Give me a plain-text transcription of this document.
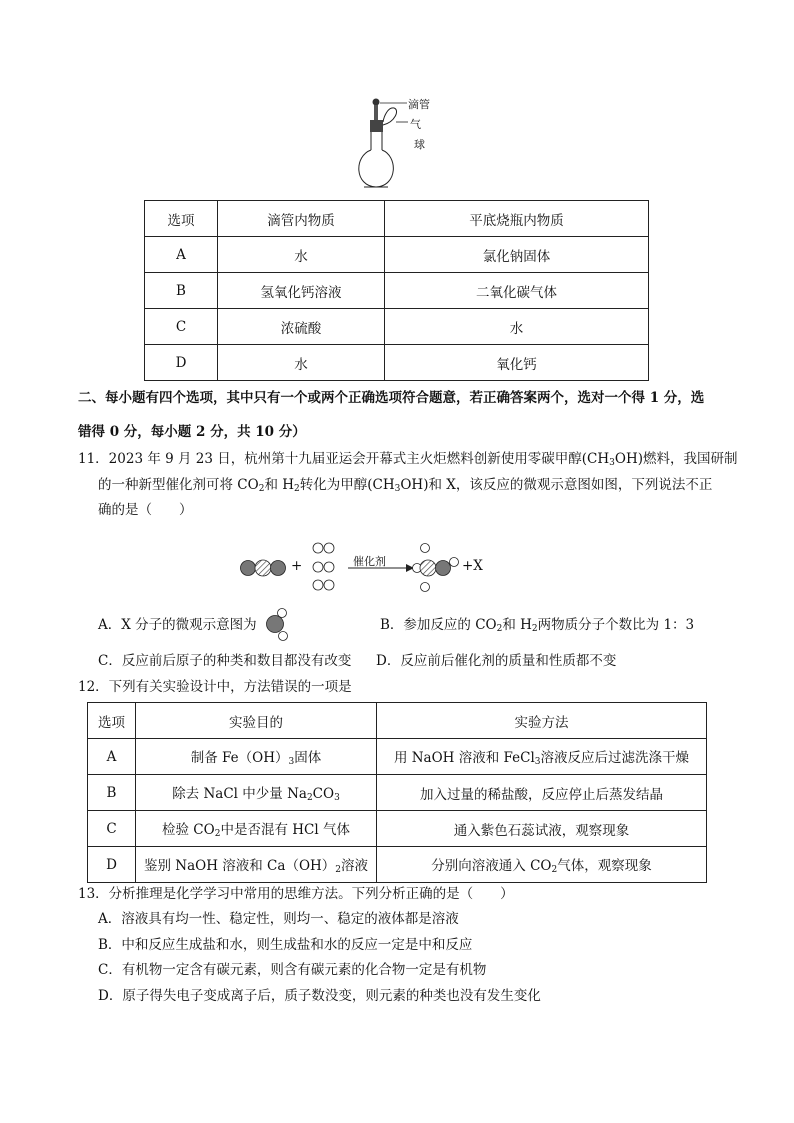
滴管
气
球
选项	滴管内物质	平底烧瓶内物质
A	水	氯化钠固体
B	氢氧化钙溶液	二氧化碳气体
C	浓硫酸	水
D	水	氧化钙
二、每小题有四个选项，其中只有一个或两个正确选项符合题意，若正确答案两个，选对一个得 1 分，选
错得 0 分，每小题 2 分，共 10 分）
11．2023 年 9 月 23 日，杭州第十九届亚运会开幕式主火炬燃料创新使用零碳甲醇$(CH_3OH)$燃料，我国研制
的一种新型催化剂可将 $CO_2$和 $H_2$转化为甲醇$(CH_3OH)$和 X，该反应的微观示意图如图，下列说法不正
确的是（　　）
+	催化剂	+X
A．X 分子的微观示意图为	B．参加反应的 $CO_2$和 $H_2$两物质分子个数比为 1：3
C．反应前后原子的种类和数目都没有改变 D．反应前后催化剂的质量和性质都不变
12．下列有关实验设计中，方法错误的一项是
选项	实验目的	实验方法
A	制备 $Fe(OH)_3$固体	用 NaOH 溶液和 FeCl$_3$溶液反应后过滤洗涤干燥
B	除去 NaCl 中少量 $Na_2CO_3$	加入过量的稀盐酸，反应停止后蒸发结晶
C	检验 $CO_2$中是否混有 HCl 气体	通入紫色石蕊试液，观察现象
D	鉴别 NaOH 溶液和 $Ca(OH)_2$溶液	分别向溶液通入 $CO_2$气体，观察现象
13．分析推理是化学学习中常用的思维方法。下列分析正确的是（　　）
A．溶液具有均一性、稳定性，则均一、稳定的液体都是溶液
B．中和反应生成盐和水，则生成盐和水的反应一定是中和反应
C．有机物一定含有碳元素，则含有碳元素的化合物一定是有机物
D．原子得失电子变成离子后，质子数没变，则元素的种类也没有发生变化
